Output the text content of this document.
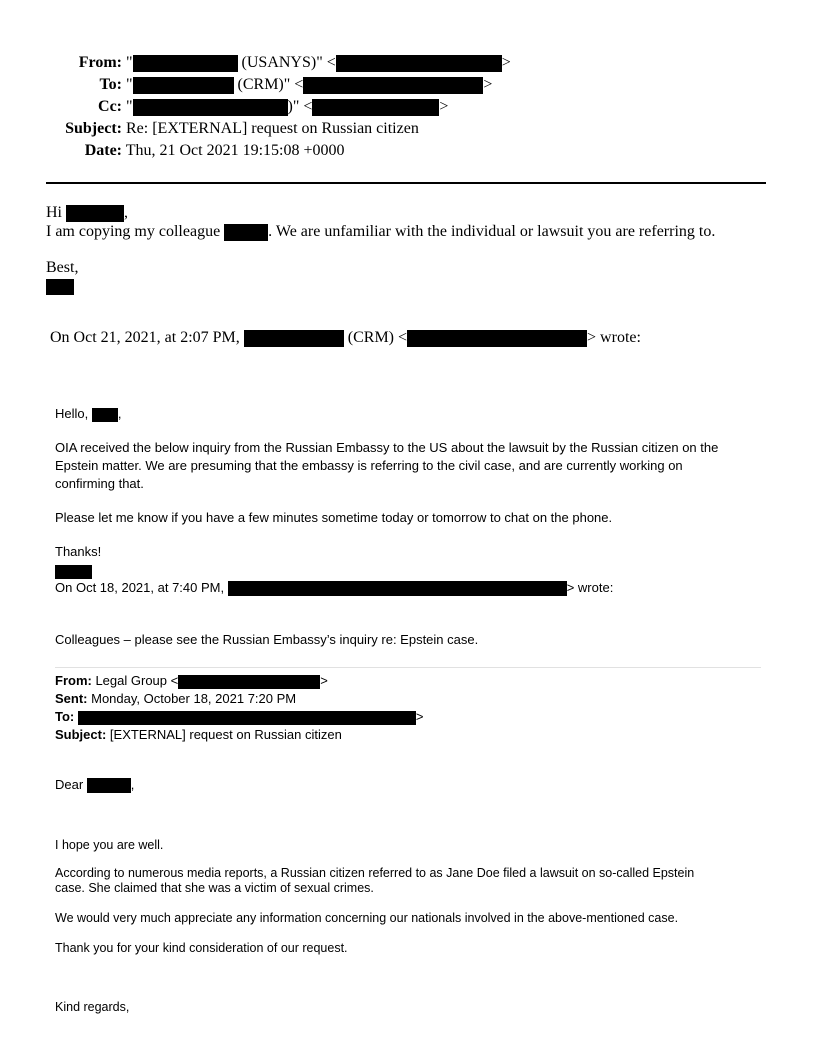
From: "	(USANYS)" <	>
To: "	(CRM)" <	>
Cc: "	)" <	>
Subject: Re: [EXTERNAL] request on Russian citizen
Date: Thu, 21 Oct 2021 19:15:08 +0000
Hi	,
I am copying my colleague	. We are unfamiliar with the individual or lawsuit you are referring to.
Best,
On Oct 21, 2021, at 2:07 PM,	(CRM) <	> wrote:
Hello, ,
OIA received the below inquiry from the Russian Embassy to the US about the lawsuit by the Russian citizen on the
Epstein matter. We are presuming that the embassy is referring to the civil case, and are currently working on
confirming that.
Please let me know if you have a few minutes sometime today or tomorrow to chat on the phone.
Thanks!
On Oct 18, 2021, at 7:40 PM,	> wrote:
Colleagues – please see the Russian Embassy’s inquiry re: Epstein case.
From: Legal Group <	>
Sent: Monday, October 18, 2021 7:20 PM
To:	>
Subject: [EXTERNAL] request on Russian citizen
Dear	,
I hope you are well.
According to numerous media reports, a Russian citizen referred to as Jane Doe filed a lawsuit on so-called Epstein
case. She claimed that she was a victim of sexual crimes.
We would very much appreciate any information concerning our nationals involved in the above-mentioned case.
Thank you for your kind consideration of our request.
Kind regards,
